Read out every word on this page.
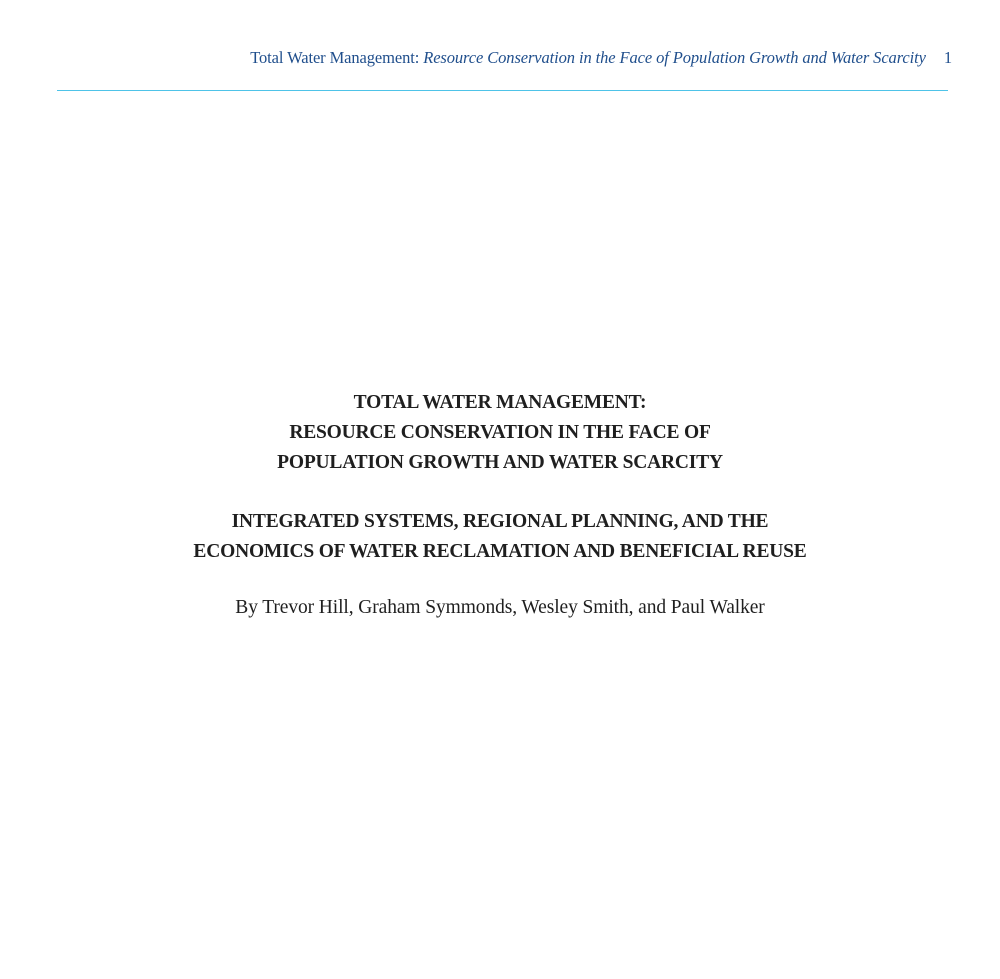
Total Water Management: Resource Conservation in the Face of Population Growth and Water Scarcity 1
TOTAL WATER MANAGEMENT:
RESOURCE CONSERVATION IN THE FACE OF
POPULATION GROWTH AND WATER SCARCITY
INTEGRATED SYSTEMS, REGIONAL PLANNING, AND THE
ECONOMICS OF WATER RECLAMATION AND BENEFICIAL REUSE
By Trevor Hill, Graham Symmonds, Wesley Smith, and Paul Walker
